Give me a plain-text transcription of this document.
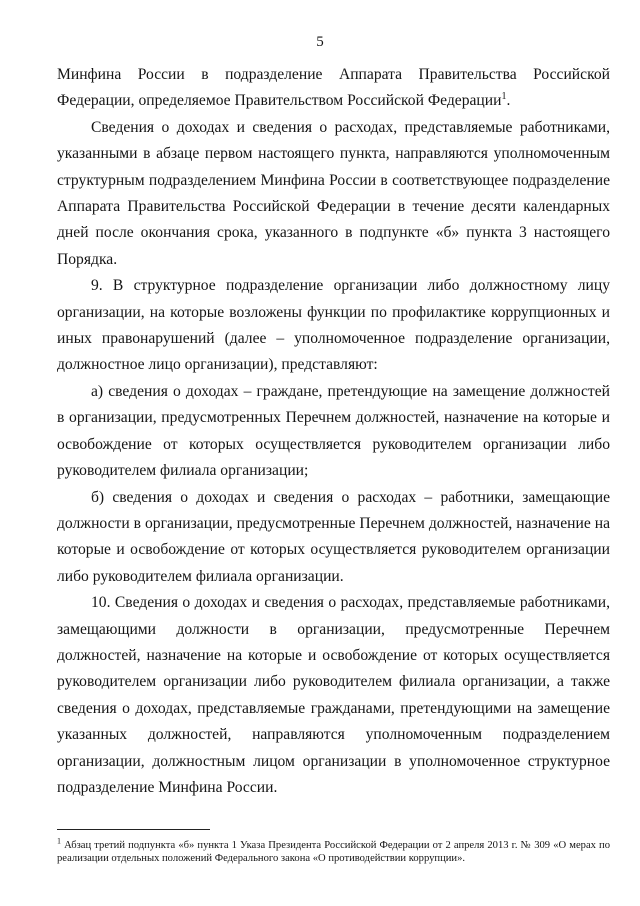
5

Минфина России в подразделение Аппарата Правительства Российской Федерации, определяемое Правительством Российской Федерации$^1$.

Сведения о доходах и сведения о расходах, представляемые работниками, указанными в абзаце первом настоящего пункта, направляются уполномоченным структурным подразделением Минфина России в соответствующее подразделение Аппарата Правительства Российской Федерации в течение десяти календарных дней после окончания срока, указанного в подпункте «б» пункта 3 настоящего Порядка.

9. В структурное подразделение организации либо должностному лицу организации, на которые возложены функции по профилактике коррупционных и иных правонарушений (далее – уполномоченное подразделение организации, должностное лицо организации), представляют:

а) сведения о доходах – граждане, претендующие на замещение должностей в организации, предусмотренных Перечнем должностей, назначение на которые и освобождение от которых осуществляется руководителем организации либо руководителем филиала организации;

б) сведения о доходах и сведения о расходах – работники, замещающие должности в организации, предусмотренные Перечнем должностей, назначение на которые и освобождение от которых осуществляется руководителем организации либо руководителем филиала организации.

10. Сведения о доходах и сведения о расходах, представляемые работниками, замещающими должности в организации, предусмотренные Перечнем должностей, назначение на которые и освобождение от которых осуществляется руководителем организации либо руководителем филиала организации, а также сведения о доходах, представляемые гражданами, претендующими на замещение указанных должностей, направляются уполномоченным подразделением организации, должностным лицом организации в уполномоченное структурное подразделение Минфина России.

$^1$ Абзац третий подпункта «б» пункта 1 Указа Президента Российской Федерации от 2 апреля 2013 г. № 309 «О мерах по реализации отдельных положений Федерального закона «О противодействии коррупции».
